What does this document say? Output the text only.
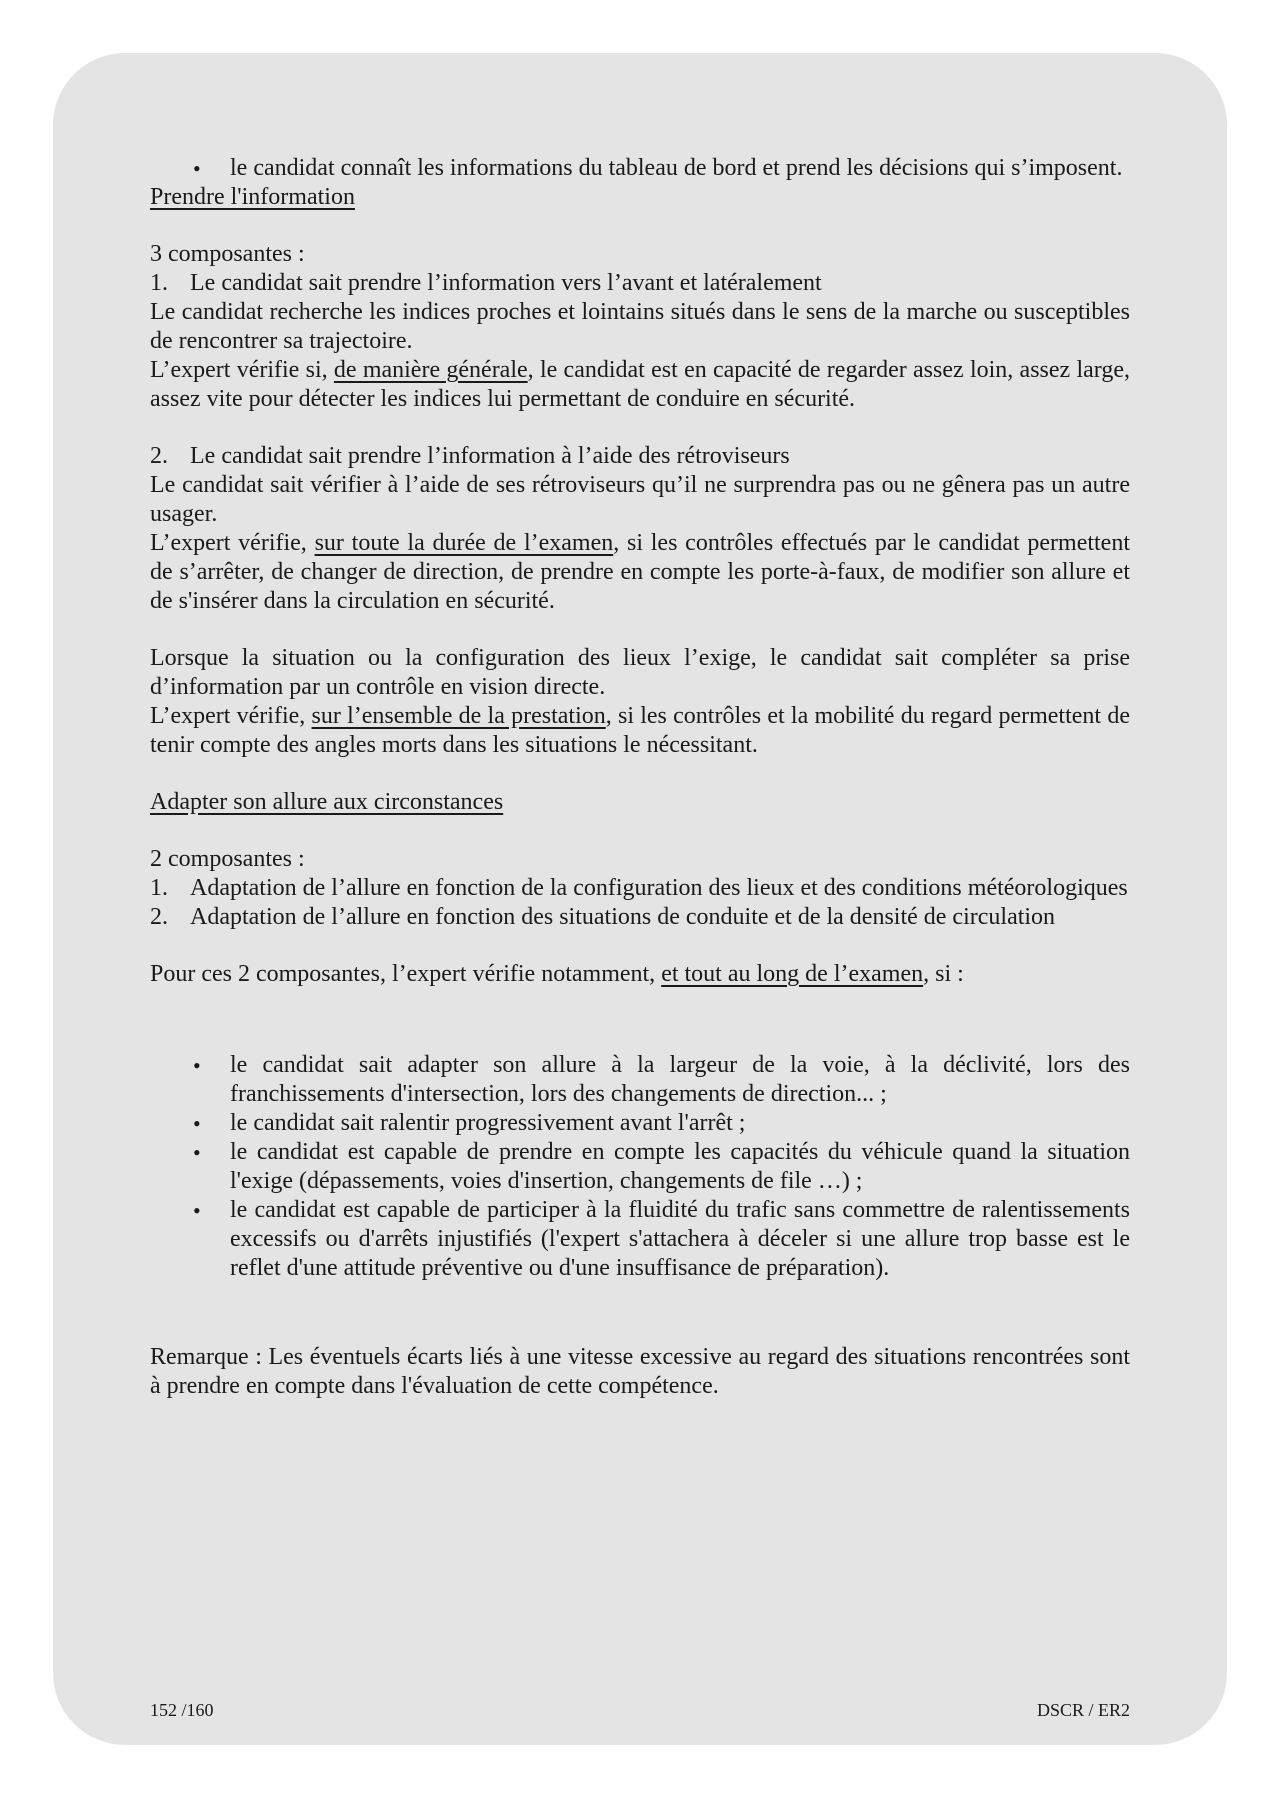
•	le candidat connaît les informations du tableau de bord et prend les décisions qui s’imposent.

Prendre l'information

3 composantes :

1. Le candidat sait prendre l’information vers l’avant et latéralement

Le candidat recherche les indices proches et lointains situés dans le sens de la marche ou susceptibles de rencontrer sa trajectoire.

L’expert vérifie si, de manière générale, le candidat est en capacité de regarder assez loin, assez large, assez vite pour détecter les indices lui permettant de conduire en sécurité.

2. Le candidat sait prendre l’information à l’aide des rétroviseurs

Le candidat sait vérifier à l’aide de ses rétroviseurs qu’il ne surprendra pas ou ne gênera pas un autre usager.

L’expert vérifie, sur toute la durée de l’examen, si les contrôles effectués par le candidat permettent de s’arrêter, de changer de direction, de prendre en compte les porte-à-faux, de modifier son allure et de s'insérer dans la circulation en sécurité.

Lorsque la situation ou la configuration des lieux l’exige, le candidat sait compléter sa prise d’information par un contrôle en vision directe.

L’expert vérifie, sur l’ensemble de la prestation, si les contrôles et la mobilité du regard permettent de tenir compte des angles morts dans les situations le nécessitant.

Adapter son allure aux circonstances

2 composantes :

1. Adaptation de l’allure en fonction de la configuration des lieux et des conditions météorologiques
2. Adaptation de l’allure en fonction des situations de conduite et de la densité de circulation

Pour ces 2 composantes, l’expert vérifie notamment, et tout au long de l’examen, si :

•	le candidat sait adapter son allure à la largeur de la voie, à la déclivité, lors des franchissements d'intersection, lors des changements de direction... ;

•	le candidat sait ralentir progressivement avant l'arrêt ;

•	le candidat est capable de prendre en compte les capacités du véhicule quand la situation l'exige (dépassements, voies d'insertion, changements de file …) ;

•	le candidat est capable de participer à la fluidité du trafic sans commettre de ralentissements excessifs ou d'arrêts injustifiés (l'expert s'attachera à déceler si une allure trop basse est le reflet d'une attitude préventive ou d'une insuffisance de préparation).

Remarque : Les éventuels écarts liés à une vitesse excessive au regard des situations rencontrées sont à prendre en compte dans l'évaluation de cette compétence.

152 /160	DSCR / ER2
